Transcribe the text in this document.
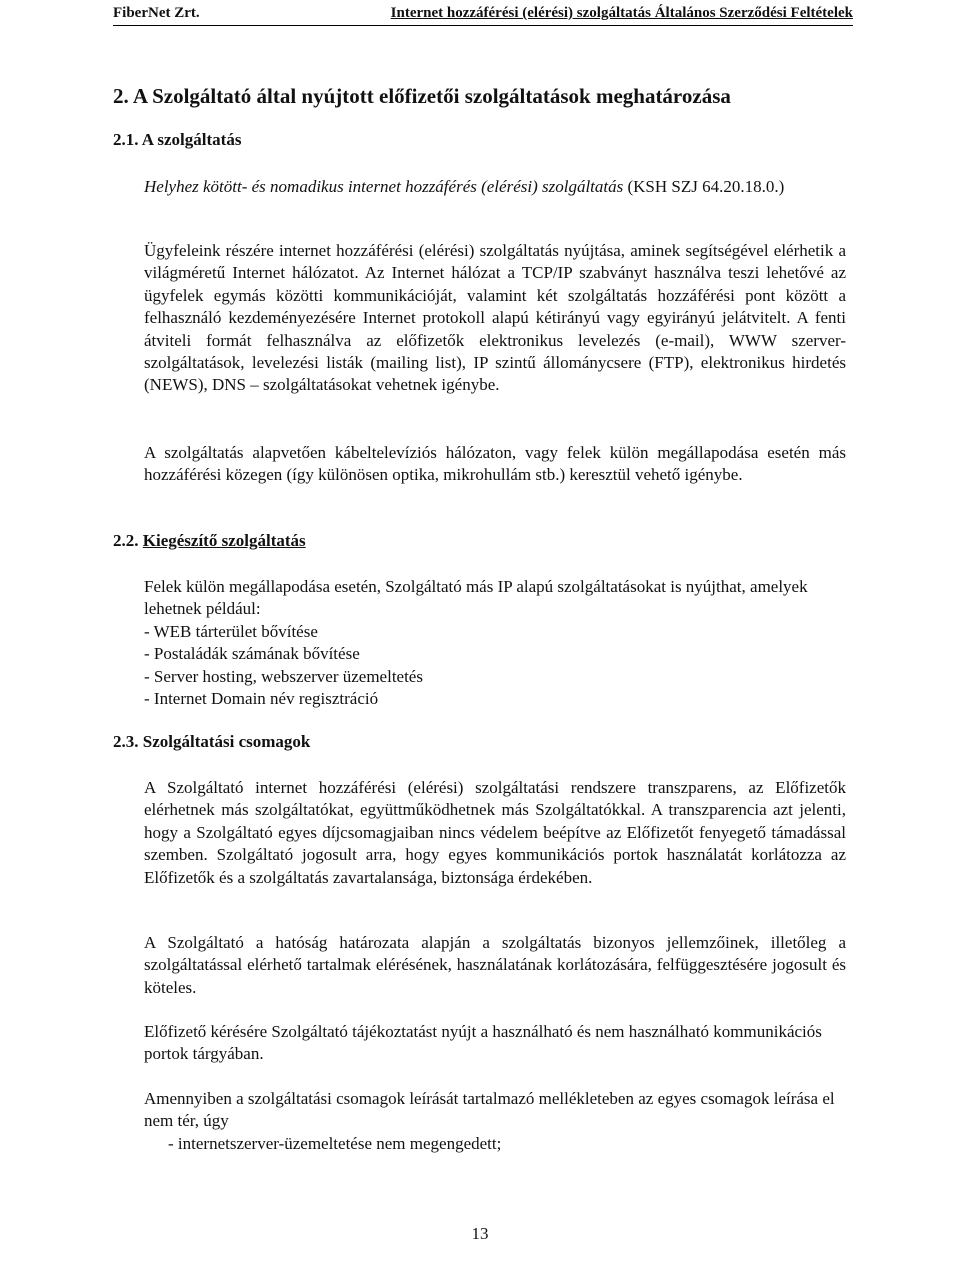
FiberNet Zrt.	Internet hozzáférési (elérési) szolgáltatás Általános Szerződési Feltételek
2. A Szolgáltató által nyújtott előfizetői szolgáltatások meghatározása
2.1. A szolgáltatás
Helyhez kötött- és nomadikus internet hozzáférés (elérési) szolgáltatás (KSH SZJ 64.20.18.0.)
Ügyfeleink részére internet hozzáférési (elérési) szolgáltatás nyújtása, aminek segítségével elérhetik a világméretű Internet hálózatot. Az Internet hálózat a TCP/IP szabványt használva teszi lehetővé az ügyfelek egymás közötti kommunikációját, valamint két szolgáltatás hozzáférési pont között a felhasználó kezdeményezésére Internet protokoll alapú kétirányú vagy egyirányú jelátvitelt. A fenti átviteli formát felhasználva az előfizetők elektronikus levelezés (e-mail), WWW szerver-szolgáltatások, levelezési listák (mailing list), IP szintű állománycsere (FTP), elektronikus hirdetés (NEWS), DNS – szolgáltatásokat vehetnek igénybe.
A szolgáltatás alapvetően kábeltelevíziós hálózaton, vagy felek külön megállapodása esetén más hozzáférési közegen (így különösen optika, mikrohullám stb.) keresztül vehető igénybe.
2.2. Kiegészítő szolgáltatás
Felek külön megállapodása esetén, Szolgáltató más IP alapú szolgáltatásokat is nyújthat, amelyek lehetnek például:
- WEB tárterület bővítése
- Postaládák számának bővítése
- Server hosting, webszerver üzemeltetés
- Internet Domain név regisztráció
2.3. Szolgáltatási csomagok
A Szolgáltató internet hozzáférési (elérési) szolgáltatási rendszere transzparens, az Előfizetők elérhetnek más szolgáltatókat, együttműködhetnek más Szolgáltatókkal. A transzparencia azt jelenti, hogy a Szolgáltató egyes díjcsomagjaiban nincs védelem beépítve az Előfizetőt fenyegető támadással szemben. Szolgáltató jogosult arra, hogy egyes kommunikációs portok használatát korlátozza az Előfizetők és a szolgáltatás zavartalansága, biztonsága érdekében.
A Szolgáltató a hatóság határozata alapján a szolgáltatás bizonyos jellemzőinek, illetőleg a szolgáltatással elérhető tartalmak elérésének, használatának korlátozására, felfüggesztésére jogosult és köteles.
Előfizető kérésére Szolgáltató tájékoztatást nyújt a használható és nem használható kommunikációs portok tárgyában.
Amennyiben a szolgáltatási csomagok leírását tartalmazó mellékleteben az egyes csomagok leírása el nem tér, úgy
- internetszerver-üzemeltetése nem megengedett;
13
